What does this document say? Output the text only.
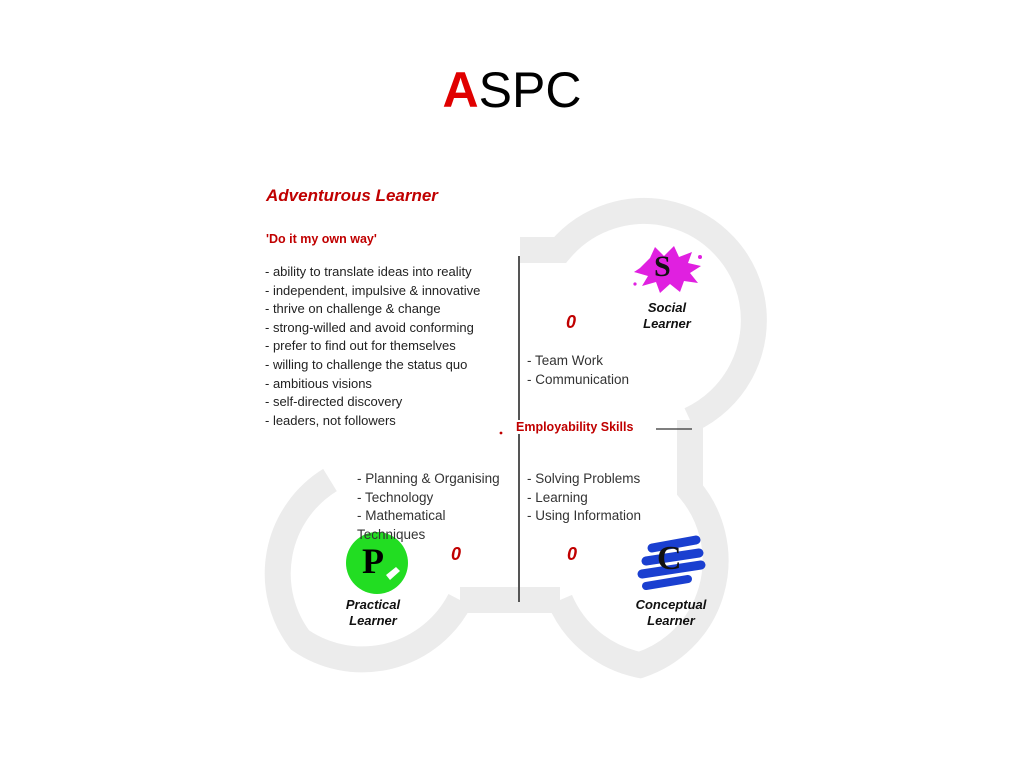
ASPC
Adventurous Learner
'Do it my own way'
- ability to translate ideas into reality
- independent, impulsive & innovative
- thrive on challenge & change
- strong-willed and avoid conforming
- prefer to find out for themselves
- willing to challenge the status quo
- ambitious visions
- self-directed discovery
- leaders, not followers
S
Social
Learner
0
- Team Work
- Communication
Employability Skills
- Planning & Organising
- Technology
- Mathematical
Techniques
P	0
Practical
Learner
- Solving Problems
- Learning
- Using Information
0 C
Conceptual
Learner
